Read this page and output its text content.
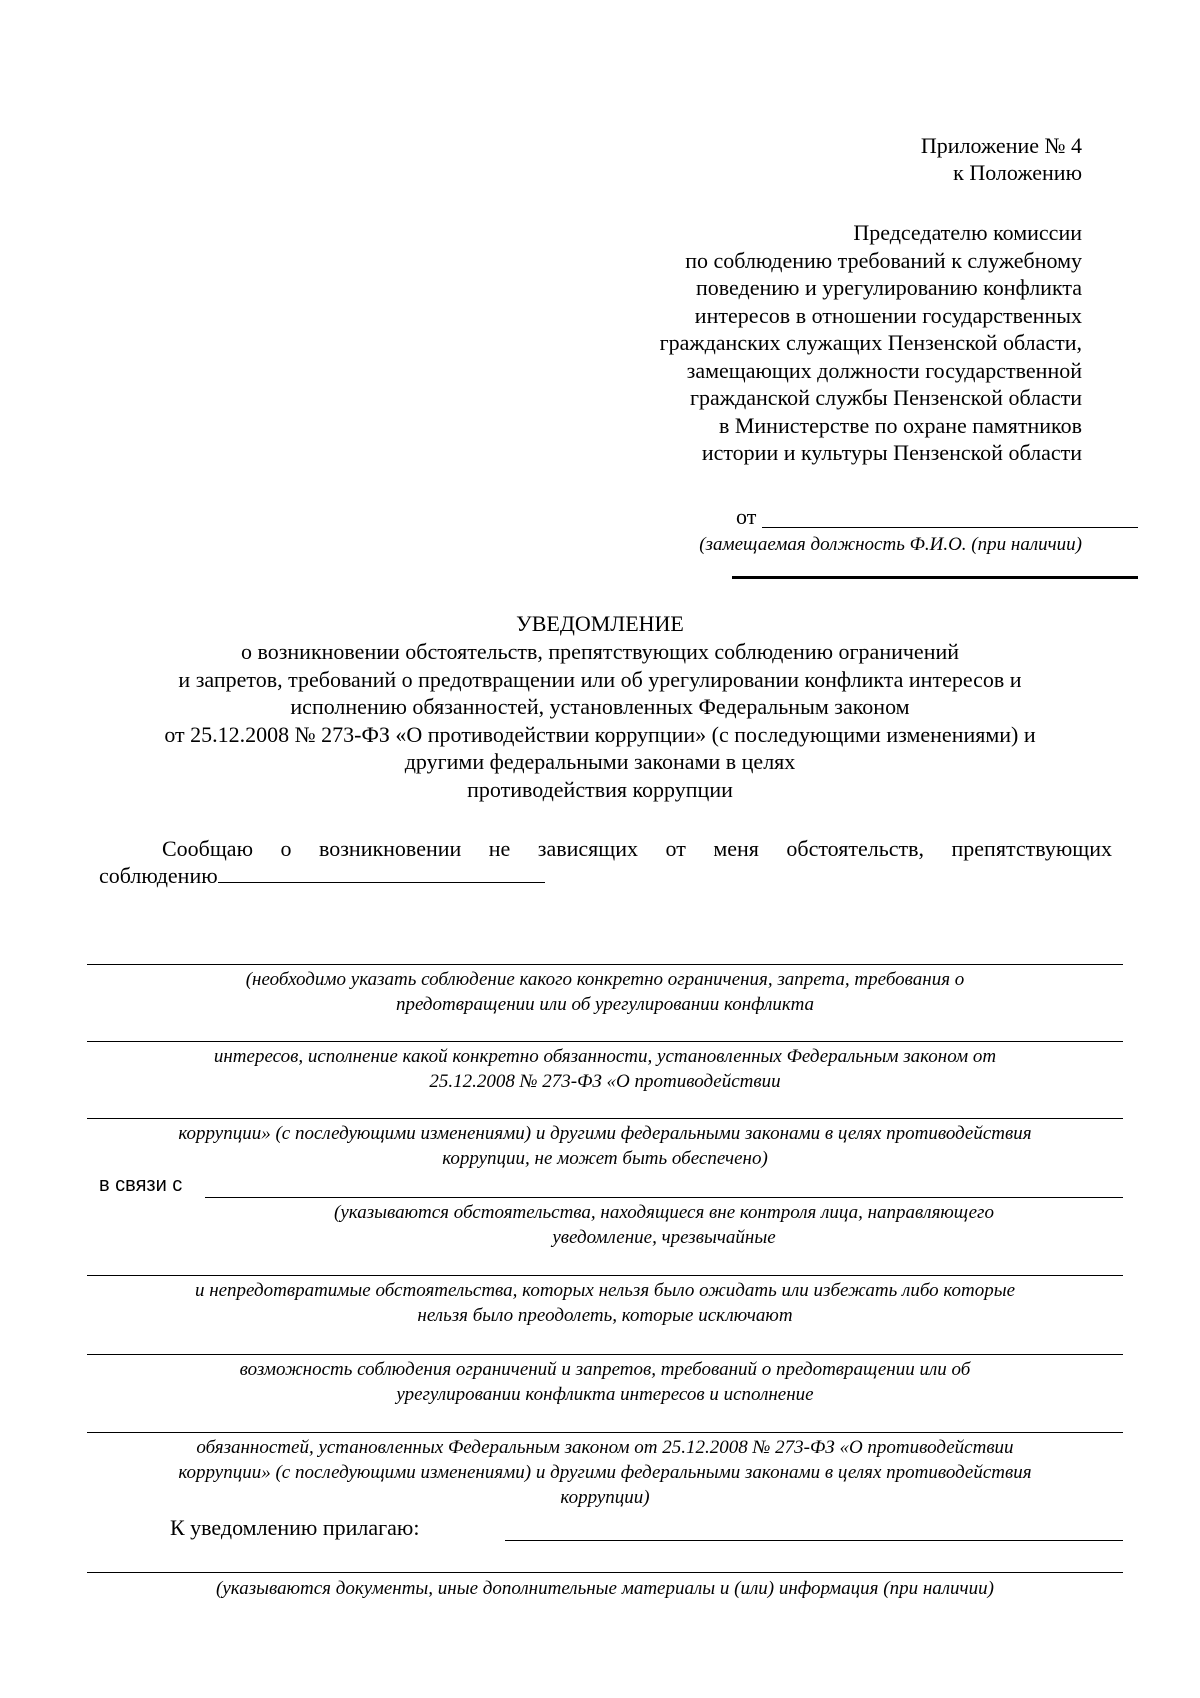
Приложение № 4
к Положению
Председателю комиссии
по соблюдению требований к служебному
поведению и урегулированию конфликта
интересов в отношении государственных
гражданских служащих Пензенской области,
замещающих должности государственной
гражданской службы Пензенской области
в Министерстве по охране памятников
истории и культуры Пензенской области
от
(замещаемая должность Ф.И.О. (при наличии)
УВЕДОМЛЕНИЕ
о возникновении обстоятельств, препятствующих соблюдению ограничений
и запретов, требований о предотвращении или об урегулировании конфликта интересов и
исполнению обязанностей, установленных Федеральным законом
от 25.12.2008 № 273-ФЗ «О противодействии коррупции» (с последующими изменениями) и
другими федеральными законами в целях
противодействия коррупции
Сообщаю о возникновении не зависящих от меня обстоятельств, препятствующих
соблюдению
(необходимо указать соблюдение какого конкретно ограничения, запрета, требования о
предотвращении или об урегулировании конфликта
интересов, исполнение какой конкретно обязанности, установленных Федеральным законом от
25.12.2008 № 273-ФЗ «О противодействии
коррупции» (с последующими изменениями) и другими федеральными законами в целях противодействия
коррупции, не может быть обеспечено)
в связи с
(указываются обстоятельства, находящиеся вне контроля лица, направляющего
уведомление, чрезвычайные
и непредотвратимые обстоятельства, которых нельзя было ожидать или избежать либо которые
нельзя было преодолеть, которые исключают
возможность соблюдения ограничений и запретов, требований о предотвращении или об
урегулировании конфликта интересов и исполнение
обязанностей, установленных Федеральным законом от 25.12.2008 № 273-ФЗ «О противодействии
коррупции» (с последующими изменениями) и другими федеральными законами в целях противодействия
коррупции)
К уведомлению прилагаю:
(указываются документы, иные дополнительные материалы и (или) информация (при наличии)
